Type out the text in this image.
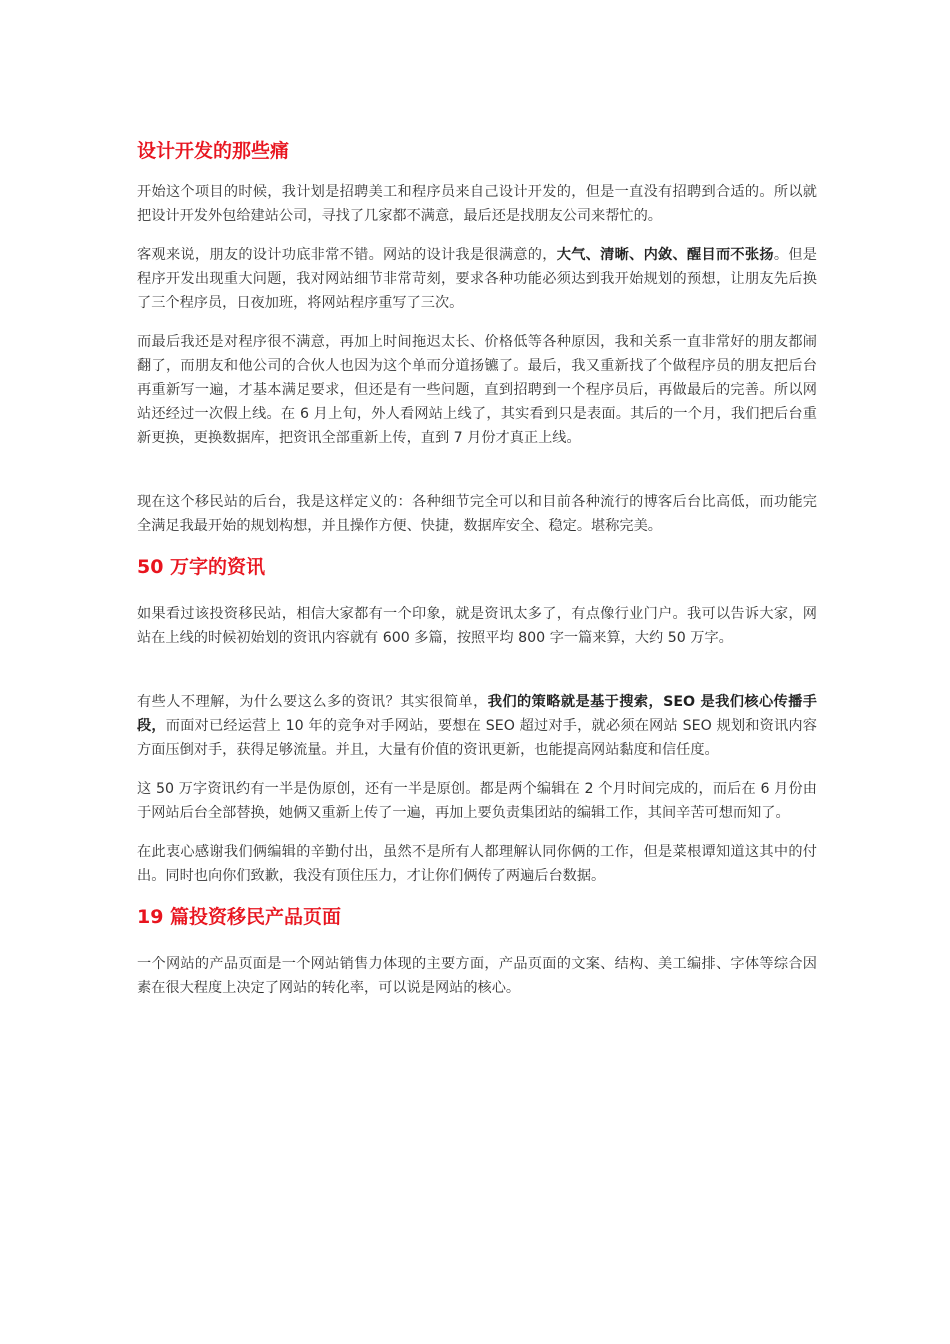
设计开发的那些痛

开始这个项目的时候，我计划是招聘美工和程序员来自己设计开发的，但是一直没有招聘到合适的。所以就把设计开发外包给建站公司，寻找了几家都不满意，最后还是找朋友公司来帮忙的。

客观来说，朋友的设计功底非常不错。网站的设计我是很满意的，大气、清晰、内敛、醒目而不张扬。但是程序开发出现重大问题，我对网站细节非常苛刻，要求各种功能必须达到我开始规划的预想，让朋友先后换了三个程序员，日夜加班，将网站程序重写了三次。

而最后我还是对程序很不满意，再加上时间拖迟太长、价格低等各种原因，我和关系一直非常好的朋友都闹翻了，而朋友和他公司的合伙人也因为这个单而分道扬镳了。最后，我又重新找了个做程序员的朋友把后台再重新写一遍，才基本满足要求，但还是有一些问题，直到招聘到一个程序员后，再做最后的完善。所以网站还经过一次假上线。在 6 月上旬，外人看网站上线了，其实看到只是表面。其后的一个月，我们把后台重新更换，更换数据库，把资讯全部重新上传，直到 7 月份才真正上线。

现在这个移民站的后台，我是这样定义的：各种细节完全可以和目前各种流行的博客后台比高低，而功能完全满足我最开始的规划构想，并且操作方便、快捷，数据库安全、稳定。堪称完美。

50 万字的资讯

如果看过该投资移民站，相信大家都有一个印象，就是资讯太多了，有点像行业门户。我可以告诉大家，网站在上线的时候初始划的资讯内容就有 600 多篇，按照平均 800 字一篇来算，大约 50 万字。

有些人不理解，为什么要这么多的资讯？其实很简单，我们的策略就是基于搜索，SEO 是我们核心传播手段，而面对已经运营上 10 年的竞争对手网站，要想在 SEO 超过对手，就必须在网站 SEO 规划和资讯内容方面压倒对手，获得足够流量。并且，大量有价值的资讯更新，也能提高网站黏度和信任度。

这 50 万字资讯约有一半是伪原创，还有一半是原创。都是两个编辑在 2 个月时间完成的，而后在 6 月份由于网站后台全部替换，她俩又重新上传了一遍，再加上要负责集团站的编辑工作，其间辛苦可想而知了。

在此衷心感谢我们俩编辑的辛勤付出，虽然不是所有人都理解认同你俩的工作，但是菜根谭知道这其中的付出。同时也向你们致歉，我没有顶住压力，才让你们俩传了两遍后台数据。

19 篇投资移民产品页面

一个网站的产品页面是一个网站销售力体现的主要方面，产品页面的文案、结构、美工编排、字体等综合因素在很大程度上决定了网站的转化率，可以说是网站的核心。
